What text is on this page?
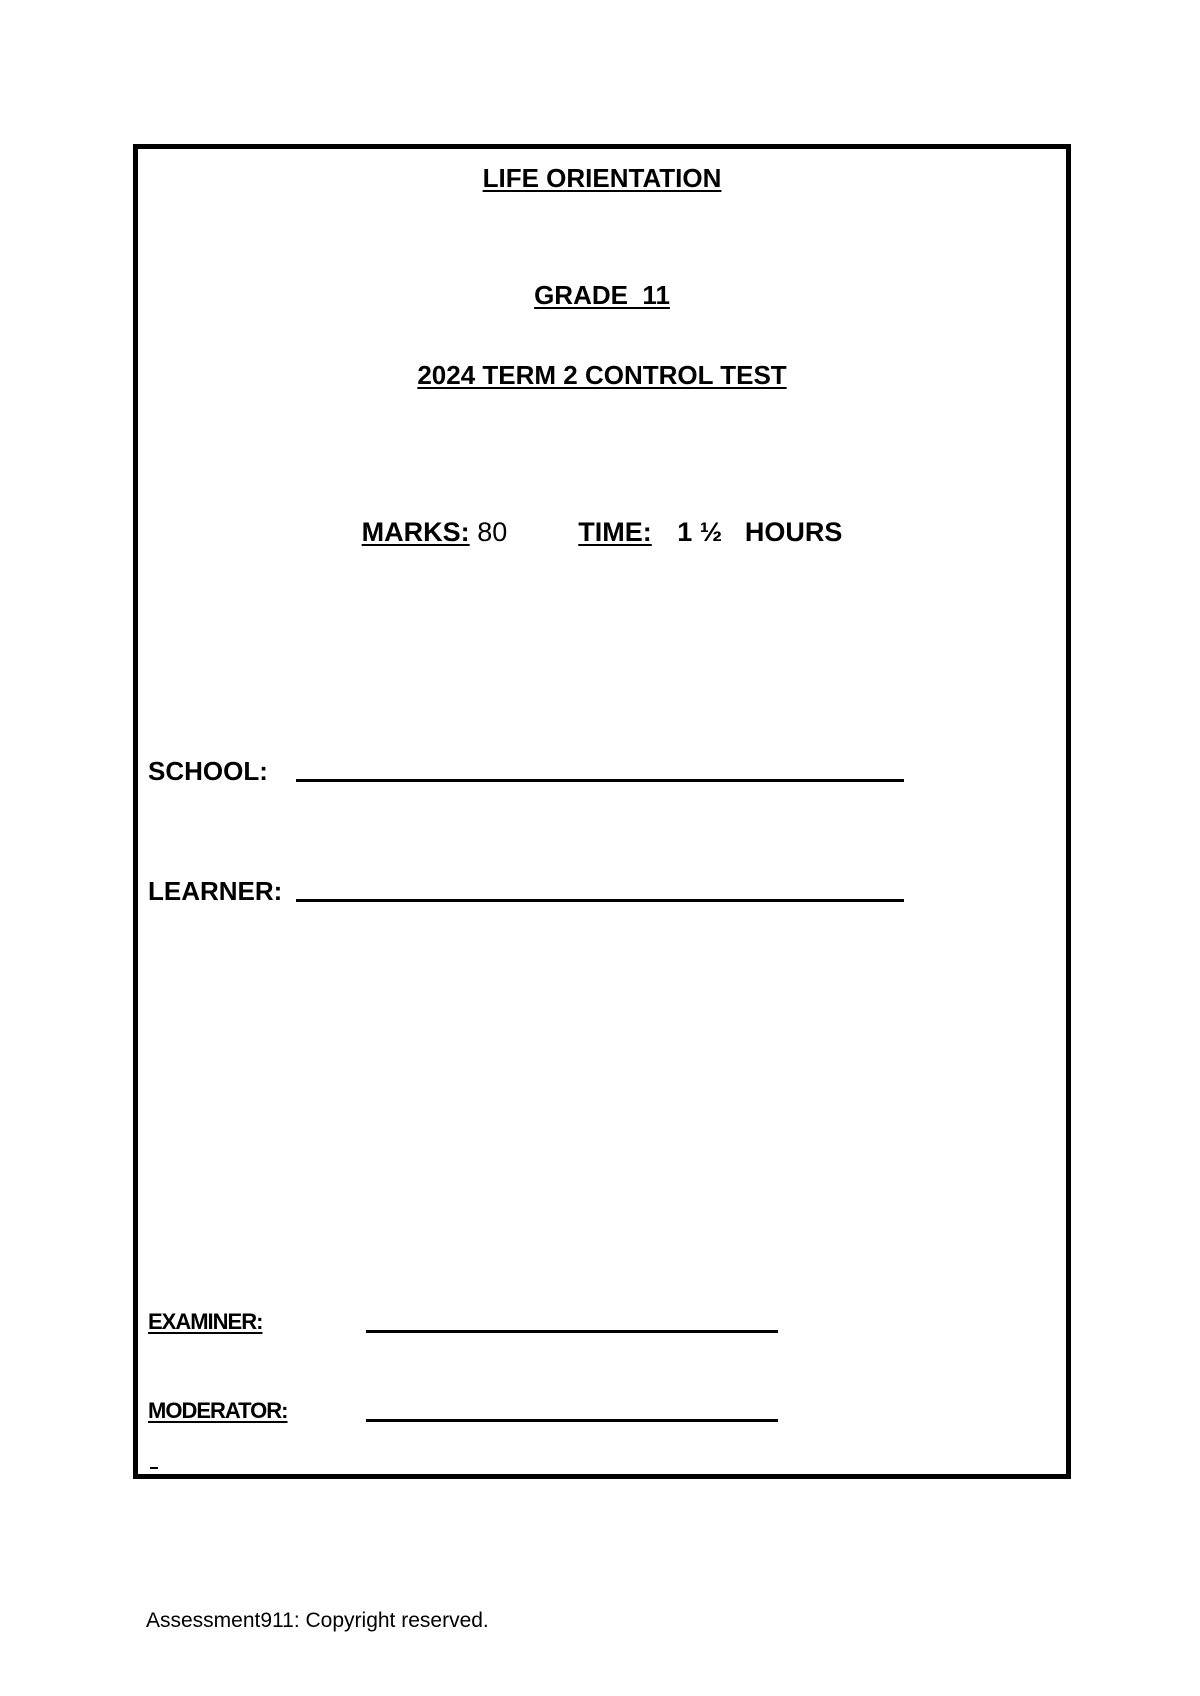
LIFE ORIENTATION
GRADE  11
2024 TERM 2 CONTROL TEST
MARKS: 80	TIME: 1 ½   HOURS
SCHOOL:
LEARNER:
EXAMINER:
MODERATOR:
Assessment911: Copyright reserved.
